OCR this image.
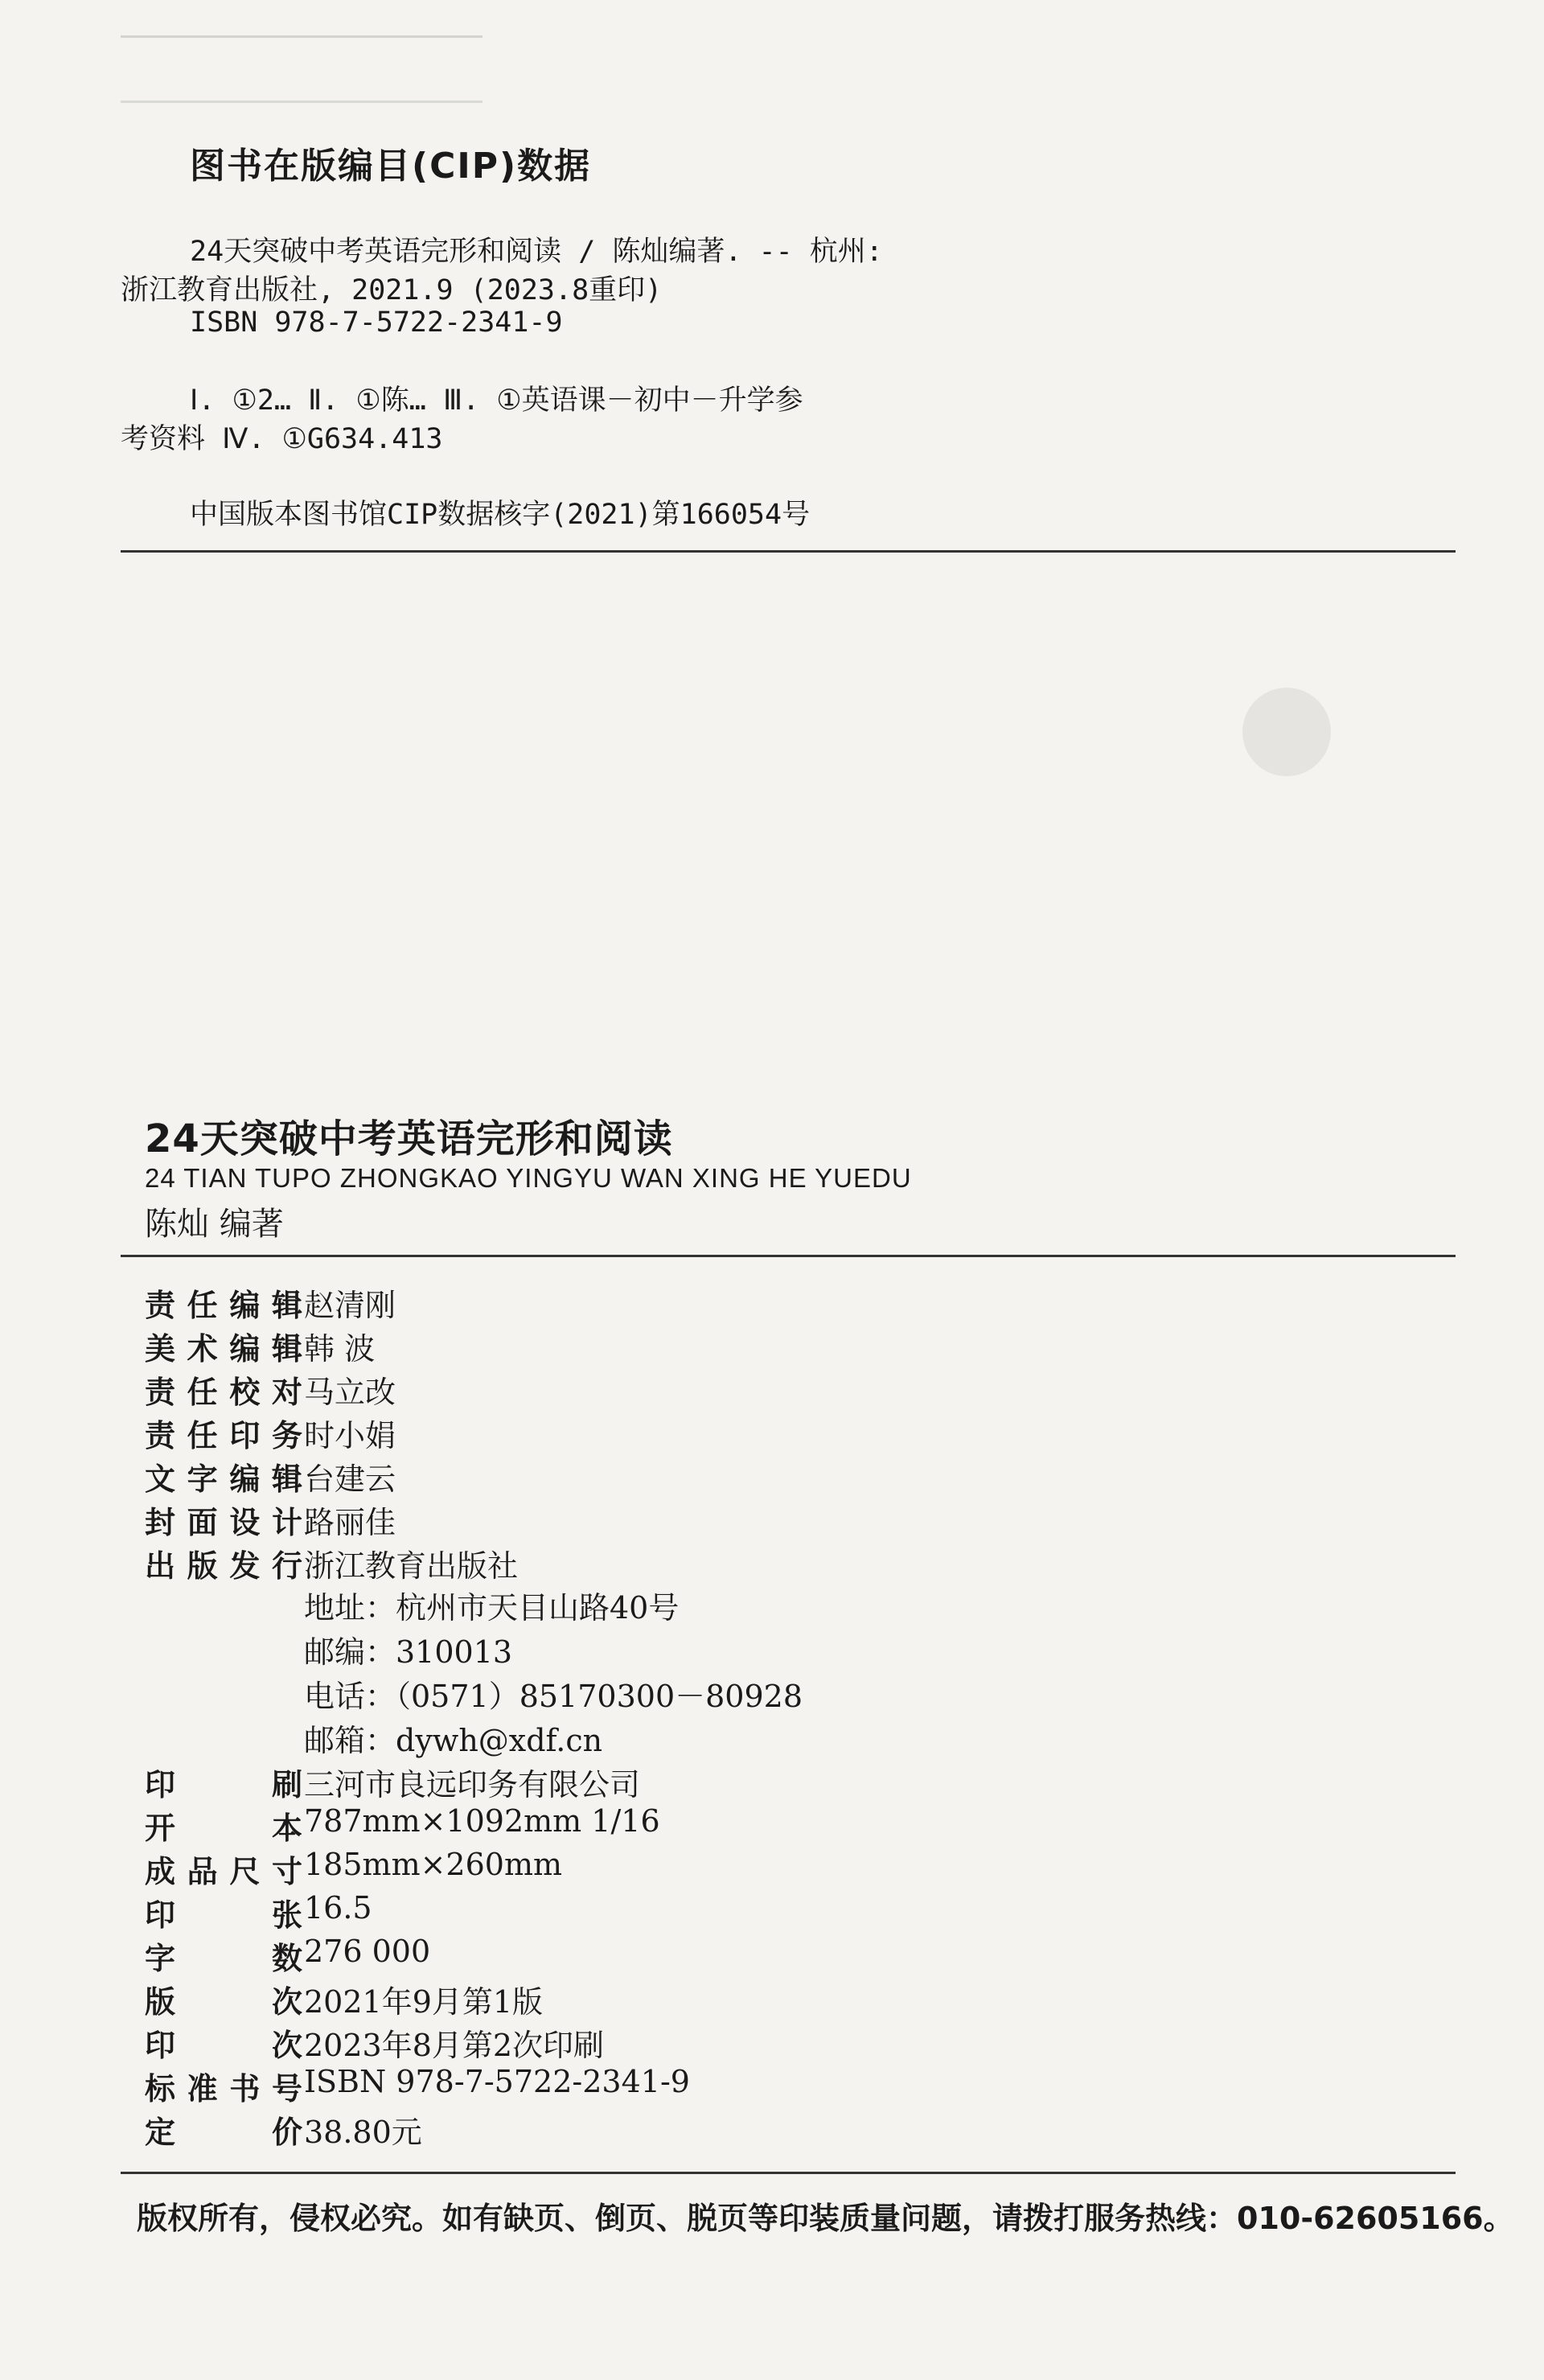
图书在版编目(CIP)数据
24天突破中考英语完形和阅读 / 陈灿编著. -- 杭州:
浙江教育出版社, 2021.9 (2023.8重印)
ISBN 978-7-5722-2341-9
Ⅰ. ①2… Ⅱ. ①陈… Ⅲ. ①英语课－初中－升学参
考资料 Ⅳ. ①G634.413
中国版本图书馆CIP数据核字(2021)第166054号
24天突破中考英语完形和阅读
24 TIAN TUPO ZHONGKAO YINGYU WAN XING HE YUEDU
陈灿 编著
责 任 编 辑 赵清刚
美 术 编 辑 韩 波
责 任 校 对 马立改
责 任 印 务 时小娟
文 字 编 辑 台建云
封 面 设 计 路丽佳
出 版 发 行 浙江教育出版社
地址：杭州市天目山路40号
邮编：310013
电话：（0571）85170300－80928
邮箱：dywh@xdf.cn
印	刷 三河市良远印务有限公司
开	本 787mm×1092mm 1/16
成 品 尺 寸 185mm×260mm
印	张 16.5
字	数 276 000
版	次 2021年9月第1版
印	次 2023年8月第2次印刷
标 准 书 号 ISBN 978-7-5722-2341-9
定	价 38.80元
版权所有，侵权必究。如有缺页、倒页、脱页等印装质量问题，请拨打服务热线：010-62605166。
